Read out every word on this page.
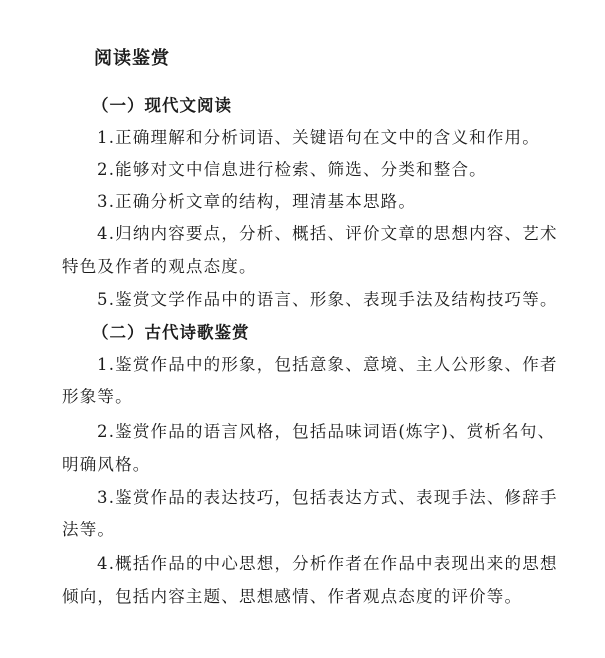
阅读鉴赏
（一）现代文阅读
1.正确理解和分析词语、关键语句在文中的含义和作用。
2.能够对文中信息进行检索、筛选、分类和整合。
3.正确分析文章的结构，理清基本思路。
4.归纳内容要点，分析、概括、评价文章的思想内容、艺术
特色及作者的观点态度。
5.鉴赏文学作品中的语言、形象、表现手法及结构技巧等。
（二）古代诗歌鉴赏
1.鉴赏作品中的形象，包括意象、意境、主人公形象、作者
形象等。
2.鉴赏作品的语言风格，包括品味词语(炼字)、赏析名句、
明确风格。
3.鉴赏作品的表达技巧，包括表达方式、表现手法、修辞手
法等。
4.概括作品的中心思想，分析作者在作品中表现出来的思想
倾向，包括内容主题、思想感情、作者观点态度的评价等。
